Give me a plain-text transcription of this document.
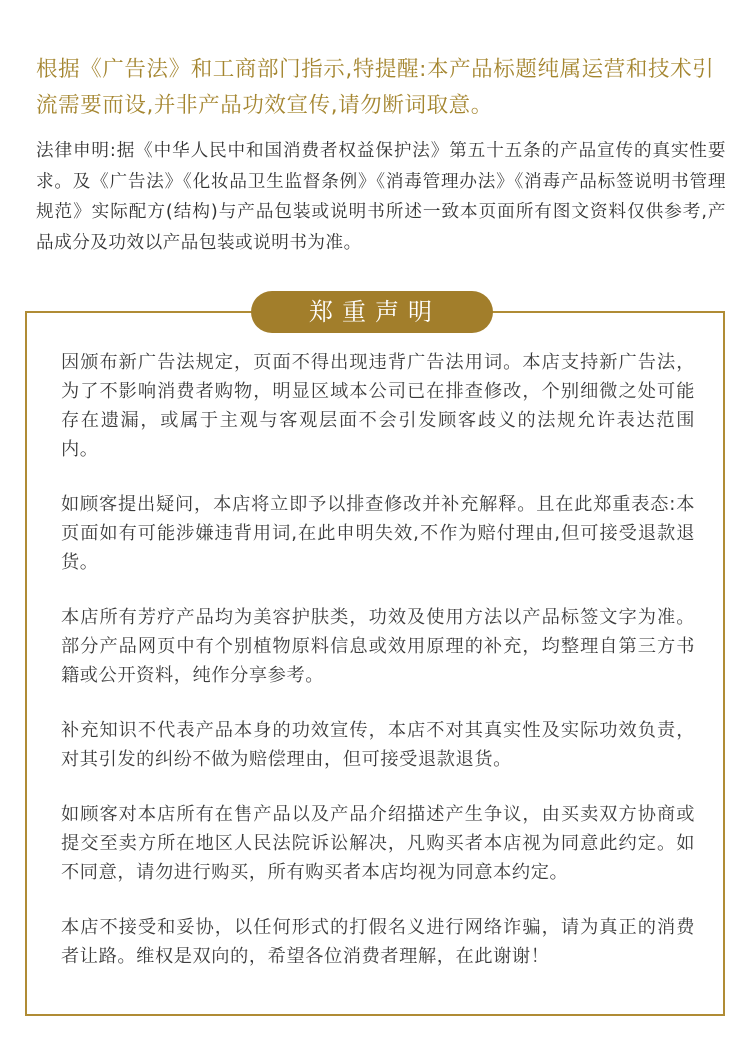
根据《广告法》和工商部门指示,特提醒:本产品标题纯属运营和技术引流需要而设,并非产品功效宣传,请勿断词取意。

法律申明:据《中华人民中和国消费者权益保护法》第五十五条的产品宣传的真实性要求。及《广告法》《化妆品卫生监督条例》《消毒管理办法》《消毒产品标签说明书管理规范》实际配方(结构)与产品包装或说明书所述一致本页面所有图文资料仅供参考,产品成分及功效以产品包装或说明书为准。

郑重声明

因颁布新广告法规定，页面不得出现违背广告法用词。本店支持新广告法，为了不影响消费者购物，明显区域本公司已在排查修改，个别细微之处可能存在遗漏，或属于主观与客观层面不会引发顾客歧义的法规允许表达范围内。

如顾客提出疑问，本店将立即予以排查修改并补充解释。且在此郑重表态:本页面如有可能涉嫌违背用词,在此申明失效,不作为赔付理由,但可接受退款退货。

本店所有芳疗产品均为美容护肤类，功效及使用方法以产品标签文字为准。部分产品网页中有个别植物原料信息或效用原理的补充，均整理自第三方书籍或公开资料，纯作分享参考。

补充知识不代表产品本身的功效宣传，本店不对其真实性及实际功效负责，对其引发的纠纷不做为赔偿理由，但可接受退款退货。

如顾客对本店所有在售产品以及产品介绍描述产生争议，由买卖双方协商或提交至卖方所在地区人民法院诉讼解决，凡购买者本店视为同意此约定。如不同意，请勿进行购买，所有购买者本店均视为同意本约定。

本店不接受和妥协，以任何形式的打假名义进行网络诈骗，请为真正的消费者让路。维权是双向的，希望各位消费者理解，在此谢谢！
